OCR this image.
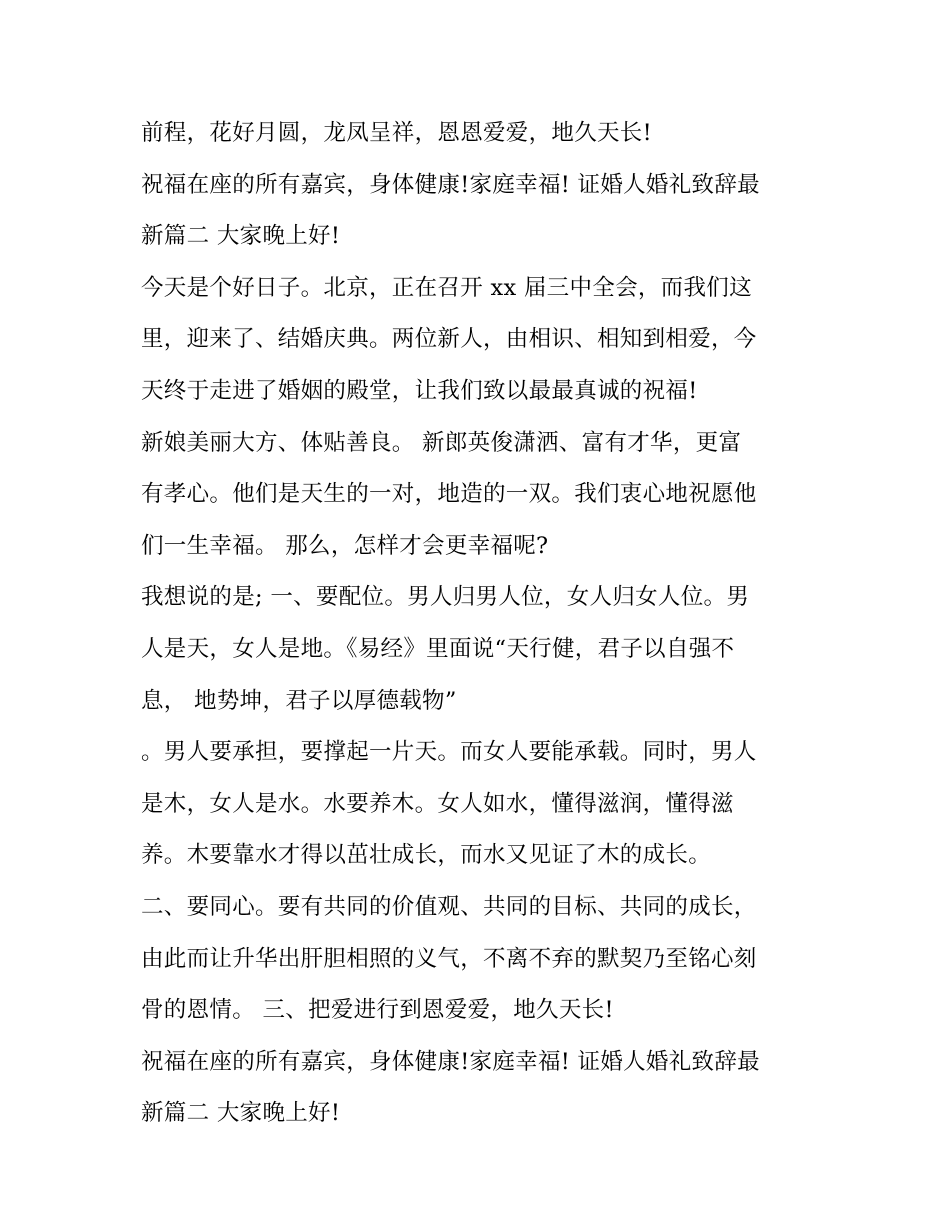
前程，花好月圆，龙凤呈祥，恩恩爱爱，地久天长!
祝福在座的所有嘉宾，身体健康!家庭幸福! 证婚人婚礼致辞最
新篇二 大家晚上好!
今天是个好日子。北京，正在召开 xx 届三中全会，而我们这
里，迎来了、结婚庆典。两位新人，由相识、相知到相爱，今
天终于走进了婚姻的殿堂，让我们致以最最真诚的祝福!
新娘美丽大方、体贴善良。 新郎英俊潇洒、富有才华，更富
有孝心。他们是天生的一对，地造的一双。我们衷心地祝愿他
们一生幸福。 那么，怎样才会更幸福呢?
我想说的是; 一、要配位。男人归男人位，女人归女人位。男
人是天，女人是地。《易经》里面说“天行健，君子以自强不
息， 地势坤，君子以厚德载物”
。男人要承担，要撑起一片天。而女人要能承载。同时，男人
是木，女人是水。水要养木。女人如水，懂得滋润，懂得滋
养。木要靠水才得以茁壮成长，而水又见证了木的成长。
二、要同心。要有共同的价值观、共同的目标、共同的成长，
由此而让升华出肝胆相照的义气，不离不弃的默契乃至铭心刻
骨的恩情。 三、把爱进行到恩爱爱，地久天长!
祝福在座的所有嘉宾，身体健康!家庭幸福! 证婚人婚礼致辞最
新篇二 大家晚上好!
